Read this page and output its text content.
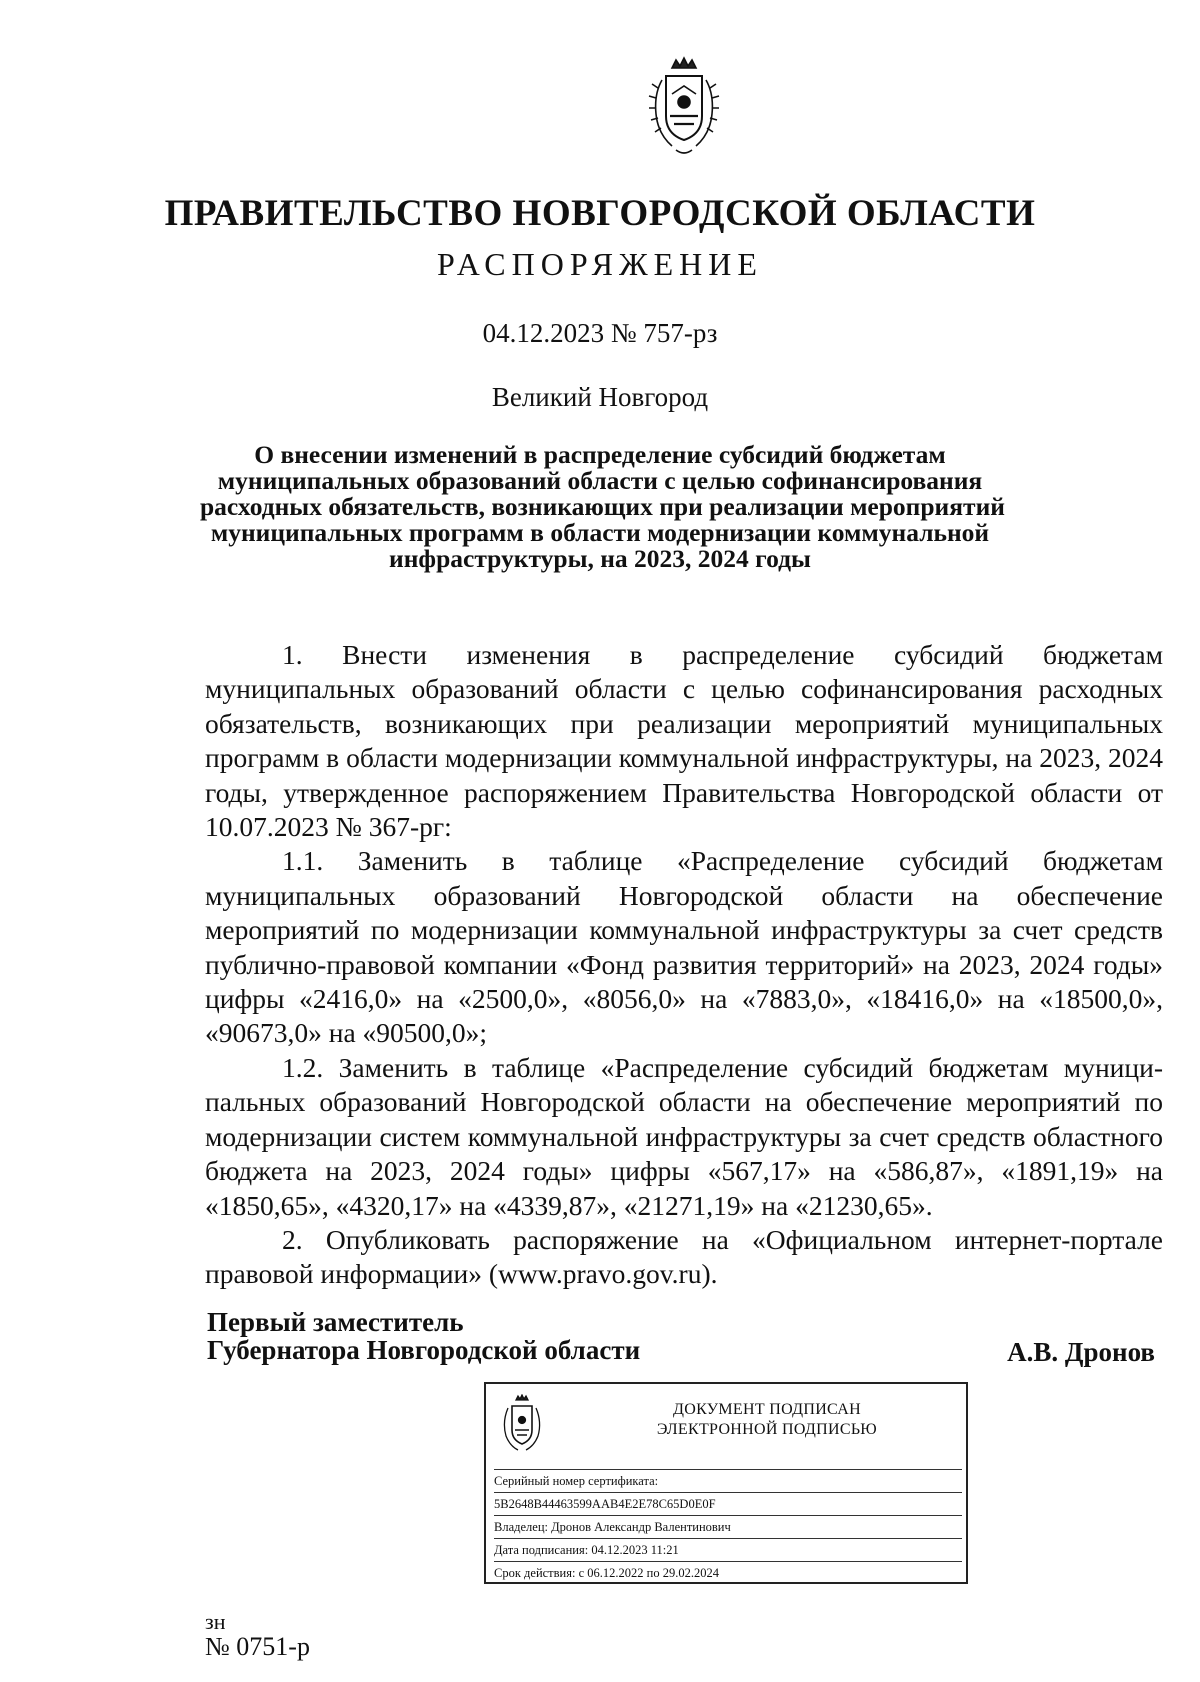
ПРАВИТЕЛЬСТВО НОВГОРОДСКОЙ ОБЛАСТИ
РАСПОРЯЖЕНИЕ
04.12.2023 № 757-рз
Великий Новгород
О внесении изменений в распределение субсидий бюджетам
муниципальных образований области с целью софинансирования
расходных обязательств, возникающих при реализации мероприятий
муниципальных программ в области модернизации коммунальной
инфраструктуры, на 2023, 2024 годы

1. Внести изменения в распределение субсидий бюджетам муниципальных образований области с целью софинансирования расходных обязательств, возникающих при реализации мероприятий муниципальных программ в области модернизации коммунальной инфраструктуры, на 2023, 2024 годы, утвержденное распоряжением Правительства Новгородской области от 10.07.2023 № 367-рг:

1.1. Заменить в таблице «Распределение субсидий бюджетам муниципальных образований Новгородской области на обеспечение мероприятий по модернизации коммунальной инфраструктуры за счет средств публично-правовой компании «Фонд развития территорий» на 2023, 2024 годы» цифры «2416,0» на «2500,0», «8056,0» на «7883,0», «18416,0» на «18500,0», «90673,0» на «90500,0»;

1.2. Заменить в таблице «Распределение субсидий бюджетам муниципальных образований Новгородской области на обеспечение мероприятий по модернизации систем коммунальной инфраструктуры за счет средств областного бюджета на 2023, 2024 годы» цифры «567,17» на «586,87», «1891,19» на «1850,65», «4320,17» на «4339,87», «21271,19» на «21230,65».

2. Опубликовать распоряжение на «Официальном интернет-портале правовой информации» (www.pravo.gov.ru).

Первый заместитель
Губернатора Новгородской области	А.В. Дронов
ДОКУМЕНТ ПОДПИСАН
ЭЛЕКТРОННОЙ ПОДПИСЬЮ
Серийный номер сертификата:
5B2648B44463599AAB4E2E78C65D0E0F
Владелец: Дронов Александр Валентинович
Дата подписания: 04.12.2023 11:21
Срок действия: с 06.12.2022 по 29.02.2024
зн
№ 0751-р
